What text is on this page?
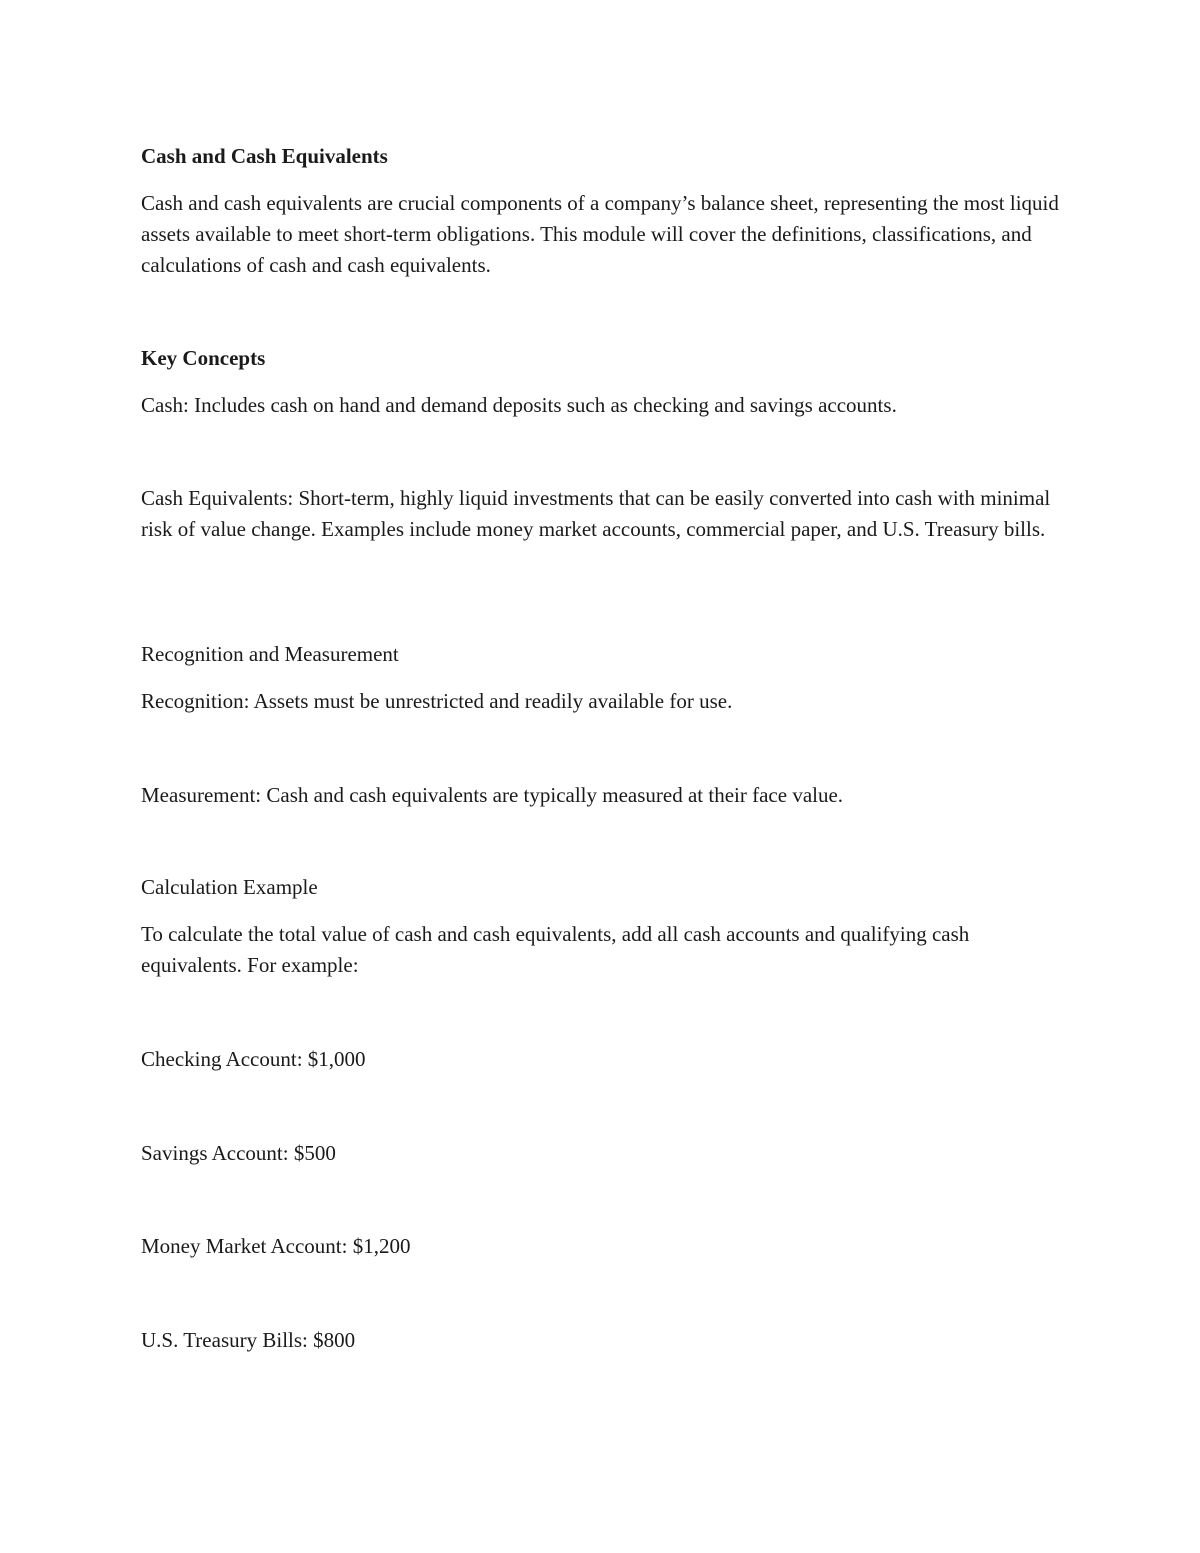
Cash and Cash Equivalents

Cash and cash equivalents are crucial components of a company’s balance sheet, representing the most liquid assets available to meet short-term obligations. This module will cover the definitions, classifications, and calculations of cash and cash equivalents.

Key Concepts

Cash: Includes cash on hand and demand deposits such as checking and savings accounts.

Cash Equivalents: Short-term, highly liquid investments that can be easily converted into cash with minimal risk of value change. Examples include money market accounts, commercial paper, and U.S. Treasury bills.

Recognition and Measurement

Recognition: Assets must be unrestricted and readily available for use.

Measurement: Cash and cash equivalents are typically measured at their face value.

Calculation Example

To calculate the total value of cash and cash equivalents, add all cash accounts and qualifying cash equivalents. For example:

Checking Account: $1,000

Savings Account: $500

Money Market Account: $1,200

U.S. Treasury Bills: $800
